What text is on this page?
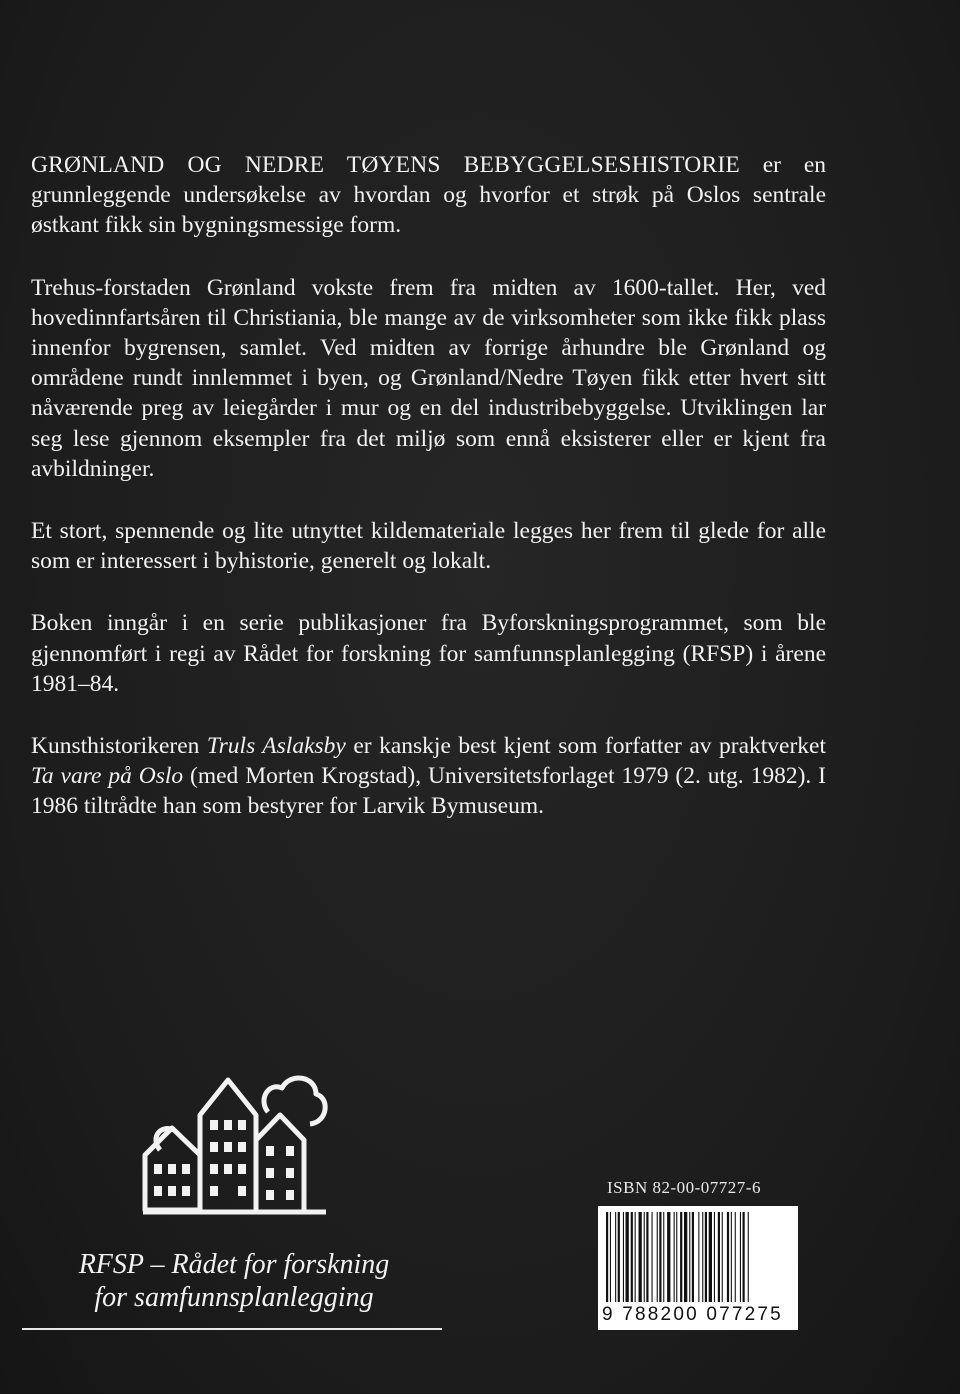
GRØNLAND OG NEDRE TØYENS BEBYGGELSESHISTORIE er en grunnleggende undersøkelse av hvordan og hvorfor et strøk på Oslos sentrale østkant fikk sin bygningsmessige form.

Trehus-forstaden Grønland vokste frem fra midten av 1600-tallet. Her, ved hovedinnfartsåren til Christiania, ble mange av de virksomheter som ikke fikk plass innenfor bygrensen, samlet. Ved midten av forrige århundre ble Grønland og områdene rundt innlemmet i byen, og Grønland/Nedre Tøyen fikk etter hvert sitt nåværende preg av leiegårder i mur og en del industribebyggelse. Utviklingen lar seg lese gjennom eksempler fra det miljø som ennå eksisterer eller er kjent fra avbildninger.

Et stort, spennende og lite utnyttet kildemateriale legges her frem til glede for alle som er interessert i byhistorie, generelt og lokalt.

Boken inngår i en serie publikasjoner fra Byforskningsprogrammet, som ble gjennomført i regi av Rådet for forskning for samfunnsplanlegging (RFSP) i årene 1981–84.

Kunsthistorikeren Truls Aslaksby er kanskje best kjent som forfatter av praktverket Ta vare på Oslo (med Morten Krogstad), Universitetsforlaget 1979 (2. utg. 1982). I 1986 tiltrådte han som bestyrer for Larvik Bymuseum.

RFSP – Rådet for forskning
for samfunnsplanlegging
ISBN 82-00-07727-6
9 788200 077275
